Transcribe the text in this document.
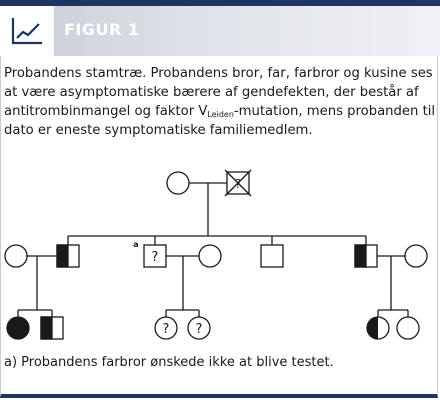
FIGUR 1
Probandens stamtræ. Probandens bror, far, farbror og kusine ses at være asymptomatiske bærere af gendefekten, der består af antitrombinmangel og faktor $V_{Leiden}$-mutation, mens probanden til dato er eneste symptomatiske familiemedlem.
?
?
? ?
a
a) Probandens farbror ønskede ikke at blive testet.
